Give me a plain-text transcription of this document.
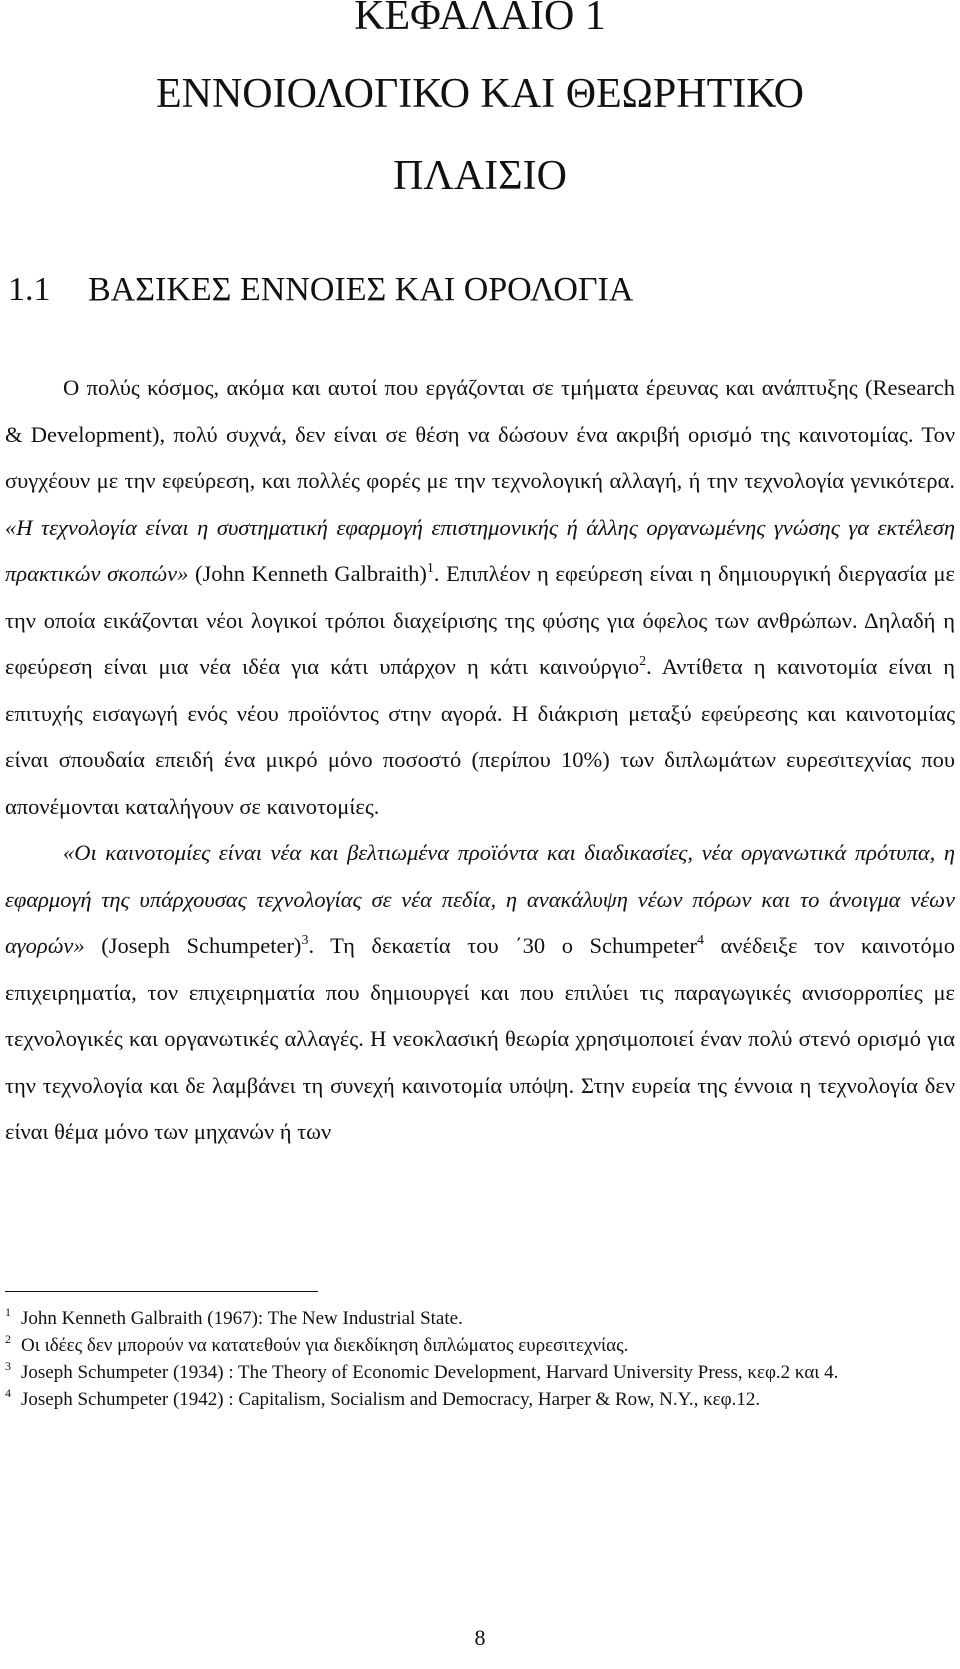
ΚΕΦΑΛΑΙΟ 1
ΕΝΝΟΙΟΛΟΓΙΚΟ ΚΑΙ ΘΕΩΡΗΤΙΚΟ
ΠΛΑΙΣΙΟ
1.1 ΒΑΣΙΚΕΣ ΕΝΝΟΙΕΣ ΚΑΙ ΟΡΟΛΟΓΙΑ

Ο πολύς κόσμος, ακόμα και αυτοί που εργάζονται σε τμήματα έρευνας και ανάπτυξης (Research & Development), πολύ συχνά, δεν είναι σε θέση να δώσουν ένα ακριβή ορισμό της καινοτομίας. Τον συγχέουν με την εφεύρεση, και πολλές φορές με την τεχνολογική αλλαγή, ή την τεχνολογία γενικότερα. «Η τεχνολογία είναι η συστηματική εφαρμογή επιστημονικής ή άλλης οργανωμένης γνώσης γα εκτέλεση πρακτικών σκοπών» (John Kenneth Galbraith)$^1$. Επιπλέον η εφεύρεση είναι η δημιουργική διεργασία με την οποία εικάζονται νέοι λογικοί τρόποι διαχείρισης της φύσης για όφελος των ανθρώπων. Δηλαδή η εφεύρεση είναι μια νέα ιδέα για κάτι υπάρχον η κάτι καινούργιο$^2$. Αντίθετα η καινοτομία είναι η επιτυχής εισαγωγή ενός νέου προϊόντος στην αγορά. Η διάκριση μεταξύ εφεύρεσης και καινοτομίας είναι σπουδαία επειδή ένα μικρό μόνο ποσοστό (περίπου 10%) των διπλωμάτων ευρεσιτεχνίας που απονέμονται καταλήγουν σε καινοτομίες.

«Οι καινοτομίες είναι νέα και βελτιωμένα προϊόντα και διαδικασίες, νέα οργανωτικά πρότυπα, η εφαρμογή της υπάρχουσας τεχνολογίας σε νέα πεδία, η ανακάλυψη νέων πόρων και το άνοιγμα νέων αγορών» (Joseph Schumpeter)$^3$. Τη δεκαετία του ΄30 ο Schumpeter$^4$ ανέδειξε τον καινοτόμο επιχειρηματία, τον επιχειρηματία που δημιουργεί και που επιλύει τις παραγωγικές ανισορροπίες με τεχνολογικές και οργανωτικές αλλαγές. Η νεοκλασική θεωρία χρησιμοποιεί έναν πολύ στενό ορισμό για την τεχνολογία και δε λαμβάνει τη συνεχή καινοτομία υπόψη. Στην ευρεία της έννοια η τεχνολογία δεν είναι θέμα μόνο των μηχανών ή των

$^1$ John Kenneth Galbraith (1967): The New Industrial State.

$^2$ Οι ιδέες δεν μπορούν να κατατεθούν για διεκδίκηση διπλώματος ευρεσιτεχνίας.

$^3$ Joseph Schumpeter (1934) : The Theory of Economic Development, Harvard University Press, κεφ.2 και 4.

$^4$ Joseph Schumpeter (1942) : Capitalism, Socialism and Democracy, Harper & Row, N.Y., κεφ.12.

8
